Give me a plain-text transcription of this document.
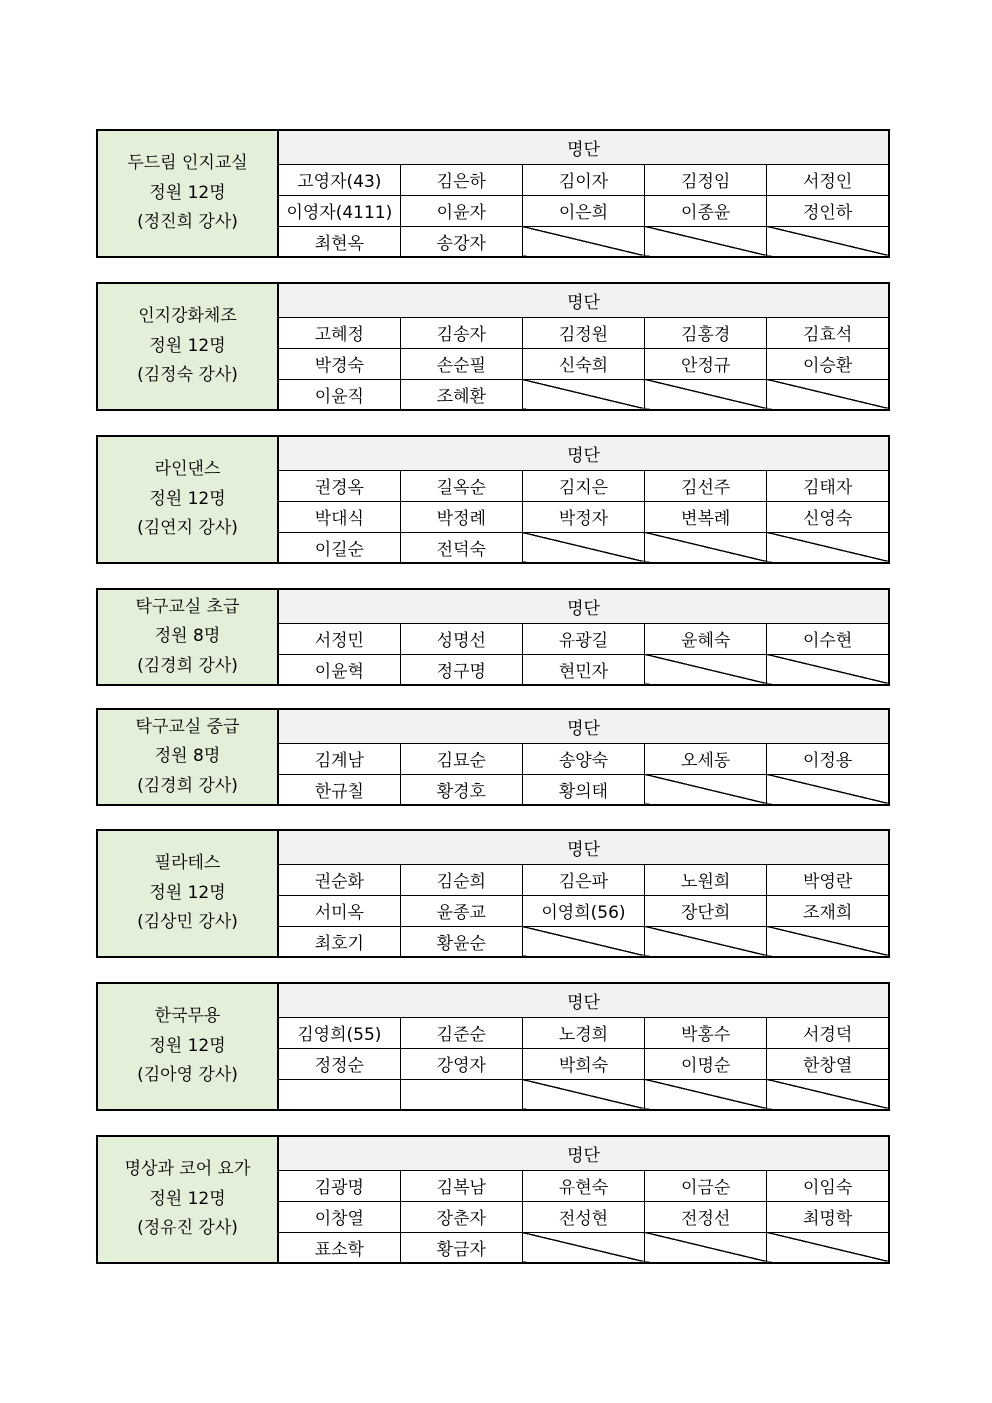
두드림 인지교실
정원 12명
(정진희 강사)	명단				
	고영자(43)	김은하	김이자	김정임	서정인
	이영자(4111)	이윤자	이은희	이종윤	정인하
	최현옥	송강자			
인지강화체조
정원 12명
(김정숙 강사)	명단				
	고혜정	김송자	김정원	김홍경	김효석
	박경숙	손순필	신숙희	안정규	이승환
	이윤직	조혜환			
라인댄스
정원 12명
(김연지 강사)	명단				
	권경옥	길옥순	김지은	김선주	김태자
	박대식	박정례	박정자	변복례	신영숙
	이길순	전덕숙			
탁구교실 초급
정원 8명
(김경희 강사)	명단				
	서정민	성명선	유광길	윤혜숙	이수현
	이윤혁	정구명	현민자		
탁구교실 중급
정원 8명
(김경희 강사)	명단				
	김계남	김묘순	송양숙	오세동	이정용
	한규칠	황경호	황의태		
필라테스
정원 12명
(김상민 강사)	명단				
	권순화	김순희	김은파	노원희	박영란
	서미옥	윤종교	이영희(56)	장단희	조재희
	최호기	황윤순			
한국무용
정원 12명
(김아영 강사)	명단				
	김영희(55)	김준순	노경희	박홍수	서경덕
	정정순	강영자	박희숙	이명순	한창열

명상과 코어 요가
정원 12명
(정유진 강사)	명단				
	김광명	김복남	유현숙	이금순	이임숙
	이창열	장춘자	전성현	전정선	최명학
	표소학	황금자			
